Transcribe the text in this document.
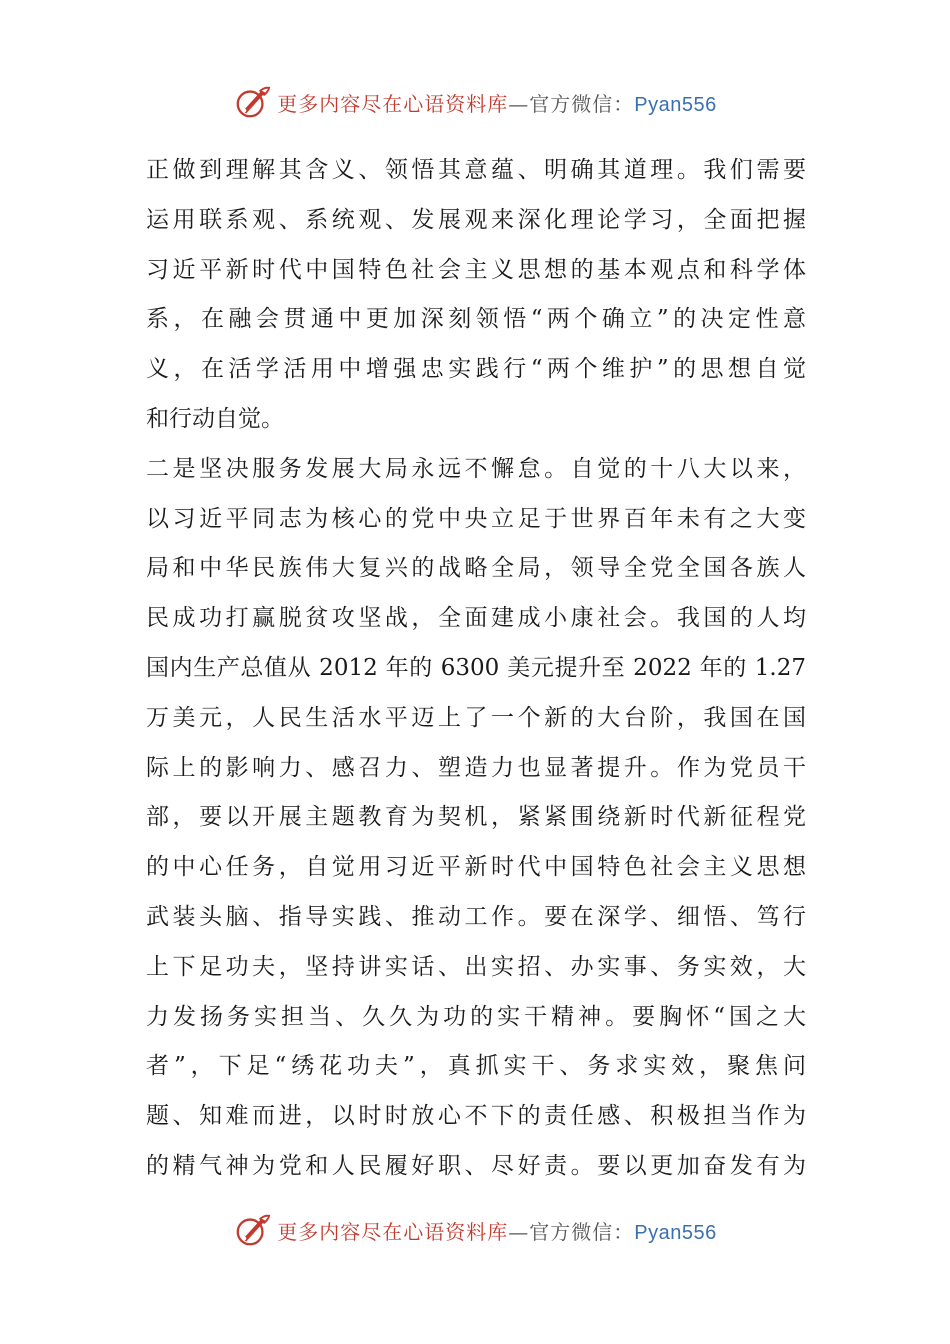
更多内容尽在心语资料库—官方微信：Pyan556
正做到理解其含义、领悟其意蕴、明确其道理。我们需要
运用联系观、系统观、发展观来深化理论学习，全面把握
习近平新时代中国特色社会主义思想的基本观点和科学体
系，在融会贯通中更加深刻领悟“两个确立”的决定性意
义，在活学活用中增强忠实践行“两个维护”的思想自觉
和行动自觉。
二是坚决服务发展大局永远不懈怠。自觉的十八大以来，
以习近平同志为核心的党中央立足于世界百年未有之大变
局和中华民族伟大复兴的战略全局，领导全党全国各族人
民成功打赢脱贫攻坚战，全面建成小康社会。我国的人均
国内生产总值从 2012 年的 6300 美元提升至 2022 年的 1.27
万美元，人民生活水平迈上了一个新的大台阶，我国在国
际上的影响力、感召力、塑造力也显著提升。作为党员干
部，要以开展主题教育为契机，紧紧围绕新时代新征程党
的中心任务，自觉用习近平新时代中国特色社会主义思想
武装头脑、指导实践、推动工作。要在深学、细悟、笃行
上下足功夫，坚持讲实话、出实招、办实事、务实效，大
力发扬务实担当、久久为功的实干精神。要胸怀“国之大
者”，下足“绣花功夫”，真抓实干、务求实效，聚焦问
题、知难而进，以时时放心不下的责任感、积极担当作为
的精气神为党和人民履好职、尽好责。要以更加奋发有为
更多内容尽在心语资料库—官方微信：Pyan556
